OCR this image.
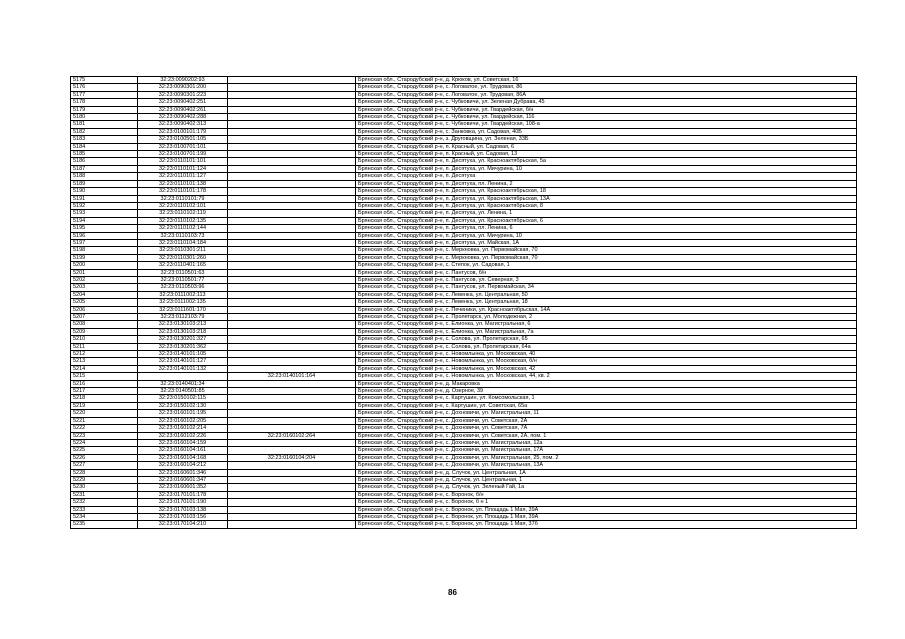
5175	32:23:0090202:93		Брянская обл., Стародубский р-н, д. Крюков, ул. Советская, 16
5176	32:23:0090301:200		Брянская обл., Стародубский р-н, с. Логоватое, ул. Трудовая, 86
5177	32:23:0090301:223		Брянская обл., Стародубский р-н, с. Логоватое, ул. Трудовая, 86А
5178	32:23:0090402:251		Брянская обл., Стародубский р-н, с. Чубковичи, ул. Зеленая Дубрава, 45
5179	32:23:0090402:261		Брянская обл., Стародубский р-н, с. Чубковичи, ул. Гвардейская, б/н
5180	32:23:0090402:288		Брянская обл., Стародубский р-н, с. Чубковичи, ул. Гвардейская, 116
5181	32:23:0090402:313		Брянская обл., Стародубский р-н, с. Чубковичи, ул. Гвардейская, 108-а
5182	32:23:0100101:179		Брянская обл., Стародубский р-н, с. Занковка, ул. Садовая, 40Б
5183	32:23:0100501:105		Брянская обл., Стародубский р-н, з. Друговщина, ул. Зеленая, 33Б
5184	32:23:0100701:101		Брянская обл., Стародубский р-н, п. Красный, ул. Садовая, 6
5185	32:23:0100701:199		Брянская обл., Стародубский р-н, п. Красный, ул. Садовая, 13
5186	32:23:0110101:101		Брянская обл., Стародубский р-н, п. Десятуха, ул. Красноактябрьская, 5а
5187	32:23:0110101:124		Брянская обл., Стародубский р-н, п. Десятуха, ул. Мичурина, 10
5188	32:23:0110101:127		Брянская обл., Стародубский р-н, п. Десятуха
5189	32:23:0110101:138		Брянская обл., Стародубский р-н, п. Десятуха, пл. Ленина, 2
5190	32:23:0110101:178		Брянская обл., Стародубский р-н, п. Десятуха, ул. Красноактябрьская, 18
5191	32:23:0110101:79		Брянская обл., Стародубский р-н, п. Десятуха, ул. Красноактябрьская, 13А
5192	32:23:0110102:101		Брянская обл., Стародубский р-н, п. Десятуха, ул. Красноактябрьская, 8
5193	32:23:0110102:119		Брянская обл., Стародубский р-н, п. Десятуха, ул. Ленина, 1
5194	32:23:0110102:135		Брянская обл., Стародубский р-н, п. Десятуха, ул. Красноактябрьская, 6
5195	32:23:0110102:144		Брянская обл., Стародубский р-н, п. Десятуха, пл. Ленина, 6
5196	32:23:0110103:73		Брянская обл., Стародубский р-н, п. Десятуха, ул. Мичурина, 10
5197	32:23:0110104:184		Брянская обл., Стародубский р-н, п. Десятуха, ул. Майская, 1А
5198	32:23:0110301:211		Брянская обл., Стародубский р-н, с. Меркновка, ул. Первомайская, 70
5199	32:23:0110301:260		Брянская обл., Стародубский р-н, с. Меркновка, ул. Первомайская, 70
5200	32:23:0110401:165		Брянская обл., Стародубский р-н, с. Степок, ул. Садовая, 1
5201	32:23:0110501:63		Брянская обл., Стародубский р-н, с. Пантусов, б/н
5202	32:23:0110501:77		Брянская обл., Стародубский р-н, с. Пантусов, ул. Северная, 3
5203	32:23:0110503:96		Брянская обл., Стародубский р-н, с. Пантусов, ул. Первомайская, 34
5204	32:23:0111002:113		Брянская обл., Стародубский р-н, с. Левенка, ул. Центральная, 50
5205	32:23:0111002:135		Брянская обл., Стародубский р-н, с. Левенка, ул. Центральная, 18
5206	32:23:0111601:170		Брянская обл., Стародубский р-н, с. Печеники, ул. Красноактябрьская, 14А
5207	32:23:0112103:79		Брянская обл., Стародубский р-н, с. Пролетарск, ул. Молодежная, 2
5208	32:23:0130103:213		Брянская обл., Стародубский р-н, с. Елионка, ул. Магистральная, 6
5209	32:23:0130103:218		Брянская обл., Стародубский р-н, с. Елионка, ул. Магистральная, 7а
5210	32:23:0130201:327		Брянская обл., Стародубский р-н, с. Солова, ул. Пролетарская, 65
5211	32:23:0130201:362		Брянская обл., Стародубский р-н, с. Солова, ул. Пролетарская, 64а
5212	32:23:0140101:105		Брянская обл., Стародубский р-н, с. Новомлынка, ул. Московская, 40
5213	32:23:0140101:127		Брянская обл., Стародубский р-н, с. Новомлынка, ул. Московская, б/н
5214	32:23:0140101:132		Брянская обл., Стародубский р-н, с. Новомлынка, ул. Московская, 42
5215		32:23:0140101:164	Брянская обл., Стародубский р-н, с. Новомлынка, ул. Московская, 44, кв. 2
5216	32:23:0140401:34		Брянская обл., Стародубский р-н, д. Макаровка
5217	32:23:0140501:85		Брянская обл., Стародубский р-н, д. Озерное, 39
5218	32:23:0150102:115		Брянская обл., Стародубский р-н, с. Картушин, ул. Комсомольская, 1
5219	32:23:0150102:130		Брянская обл., Стародубский р-н, с. Картушин, ул. Советская, 65а
5220	32:23:0160101:195		Брянская обл., Стародубский р-н, с. Дохновичи, ул. Магистральная, 11
5221	32:23:0160102:205		Брянская обл., Стародубский р-н, с. Дохновичи, ул. Советская, 2А
5222	32:23:0160102:214		Брянская обл., Стародубский р-н, с. Дохновичи, ул. Советская, 7А
5223	32:23:0160102:226	32:23:0160102:264	Брянская обл., Стародубский р-н, с. Дохновичи, ул. Советская, 2А, пом. 1
5224	32:23:0160104:159		Брянская обл., Стародубский р-н, с. Дохновичи, ул. Магистральная, 12а
5225	32:23:0160104:161		Брянская обл., Стародубский р-н, с. Дохновичи, ул. Магистральная, 17А
5226	32:23:0160104:168	32:23:0160104:204	Брянская обл., Стародубский р-н, с. Дохновичи, ул. Магистральная, 25, пом. 2
5227	32:23:0160104:212		Брянская обл., Стародубский р-н, с. Дохновичи, ул. Магистральная, 13А
5228	32:23:0160601:346		Брянская обл., Стародубский р-н, д. Случок, ул. Центральная, 1А
5229	32:23:0160601:347		Брянская обл., Стародубский р-н, д. Случок, ул. Центральная, 1
5230	32:23:0160601:352		Брянская обл., Стародубский р-н, д. Случок, ул. Зеленый Гай, 1а
5231	32:23:0170101:178		Брянская обл., Стародубский р-н, с. Воронок, б/н
5232	32:23:0170101:190		Брянская обл., Стародубский р-н, с. Воронок, б н 1
5233	32:23:0170103:138		Брянская обл., Стародубский р-н, с. Воронок, ул. Площадь 1 Мая, 39А
5234	32:23:0170103:156		Брянская обл., Стародубский р-н, с. Воронок, ул. Площадь 1 Мая, 39А
5235	32:23:0170104:210		Брянская обл., Стародубский р-н, с. Воронок, ул. Площадь 1 Мая, 37б
86
